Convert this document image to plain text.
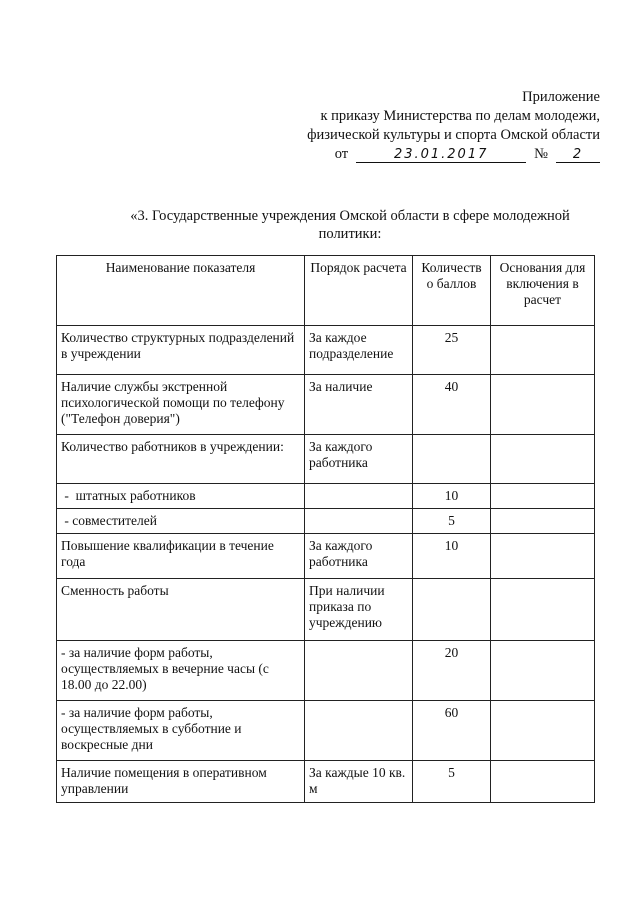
Приложение
к приказу Министерства по делам молодежи,
физической культуры и спорта Омской области
от	23.01.2017	№	2
«3. Государственные учреждения Омской области в сфере молодежной
политики:
Наименование показателя	Порядок расчета	Количеств о баллов	Основания для включения в расчет
Количество структурных подразделений в учреждении	За каждое подразделение	25	
Наличие службы экстренной психологической помощи по телефону ("Телефон доверия")	За наличие	40	
Количество работников в учреждении:	За каждого работника		
-  штатных работников		10	
- совместителей		5	
Повышение квалификации в течение года	За каждого работника	10	
Сменность работы	При наличии приказа по учреждению		
- за наличие форм работы, осуществляемых в вечерние часы (с 18.00 до 22.00)		20	
- за наличие форм работы, осуществляемых в субботние и воскресные дни		60	
Наличие помещения в оперативном управлении	За каждые 10 кв. м	5	
